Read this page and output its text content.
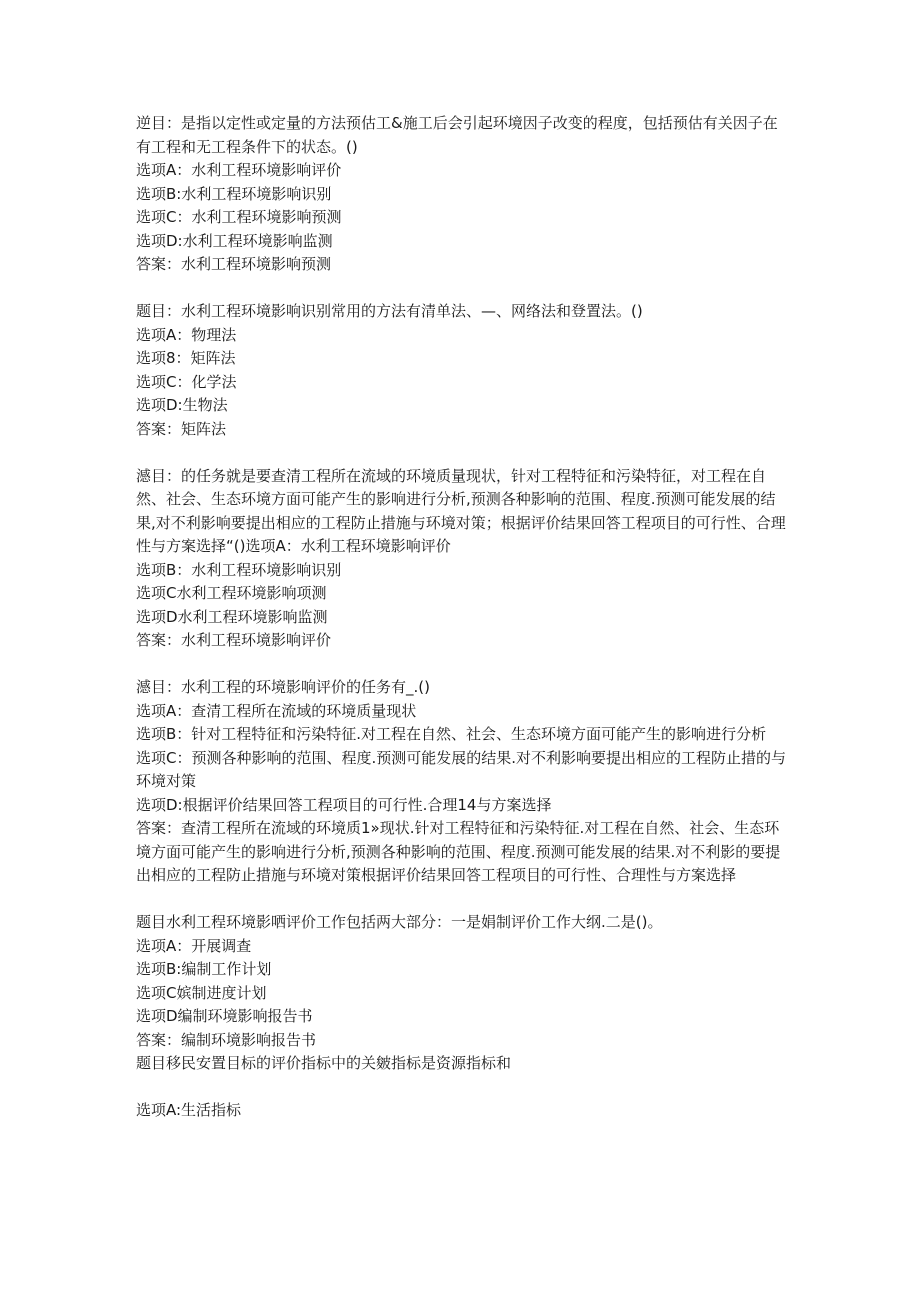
逆目：是指以定性或定量的方法预估工&施工后会引起环境因子改变的程度，包括预估有关因子在有工程和无工程条件下的状态。()

选项A：水利工程环境影响评价

选项B:水利工程环境影响识别

选项C：水利工程环境影响预测

选项D:水利工程环境影响监测

答案：水利工程环境影响预测

题目：水利工程环境影响识别常用的方法有清单法、—、网络法和登置法。()

选项A：物理法

选项8：矩阵法

选项C：化学法

选项D:生物法

答案：矩阵法

澸目：的任务就是要查清工程所在流域的环境质量现状，针对工程特征和污染特征，对工程在自然、社会、生态环境方面可能产生的影响进行分析,预测各种影响的范围、程度.预测可能发展的结果,对不利影响要提出相应的工程防止措施与环境对策；根据评价结果回答工程项目的可行性、合理性与方案选择“()选项A：水利工程环境影响评价

选项B：水利工程环境影响识别

选项C水利工程环境影响项测

选项D水利工程环境影响监测

答案：水利工程环境影响评价

澸目：水利工程的环境影响评价的任务有_.()

选项A：查清工程所在流域的环境质量现状

选项B：针对工程特征和污染特征.对工程在自然、社会、生态环境方面可能产生的影响进行分析

选项C：预测各种影响的范围、程度.预测可能发展的结果.对不利影响要提出相应的工程防止措的与环境对策

选项D:根据评价结果回答工程项目的可行性.合理14与方案选择

答案：查清工程所在流域的环境质1»现状.针对工程特征和污染特征.对工程在自然、社会、生态环境方面可能产生的影响进行分析,预测各种影响的范围、程度.预测可能发展的结果.对不利影的要提出相应的工程防止措施与环境对策根据评价结果回答工程项目的可行性、合理性与方案选择

题目水利工程环境影哂评价工作包括两大部分：一是娟制评价工作大纲.二是()。

选项A：开展调查

选项B:编制工作计划

选项C嫔制进度计划

选项D编制环境影响报告书

答案：编制环境影响报告书

题目移民安置目标的评价指标中的关皴指标是资源指标和

选项A:生活指标
